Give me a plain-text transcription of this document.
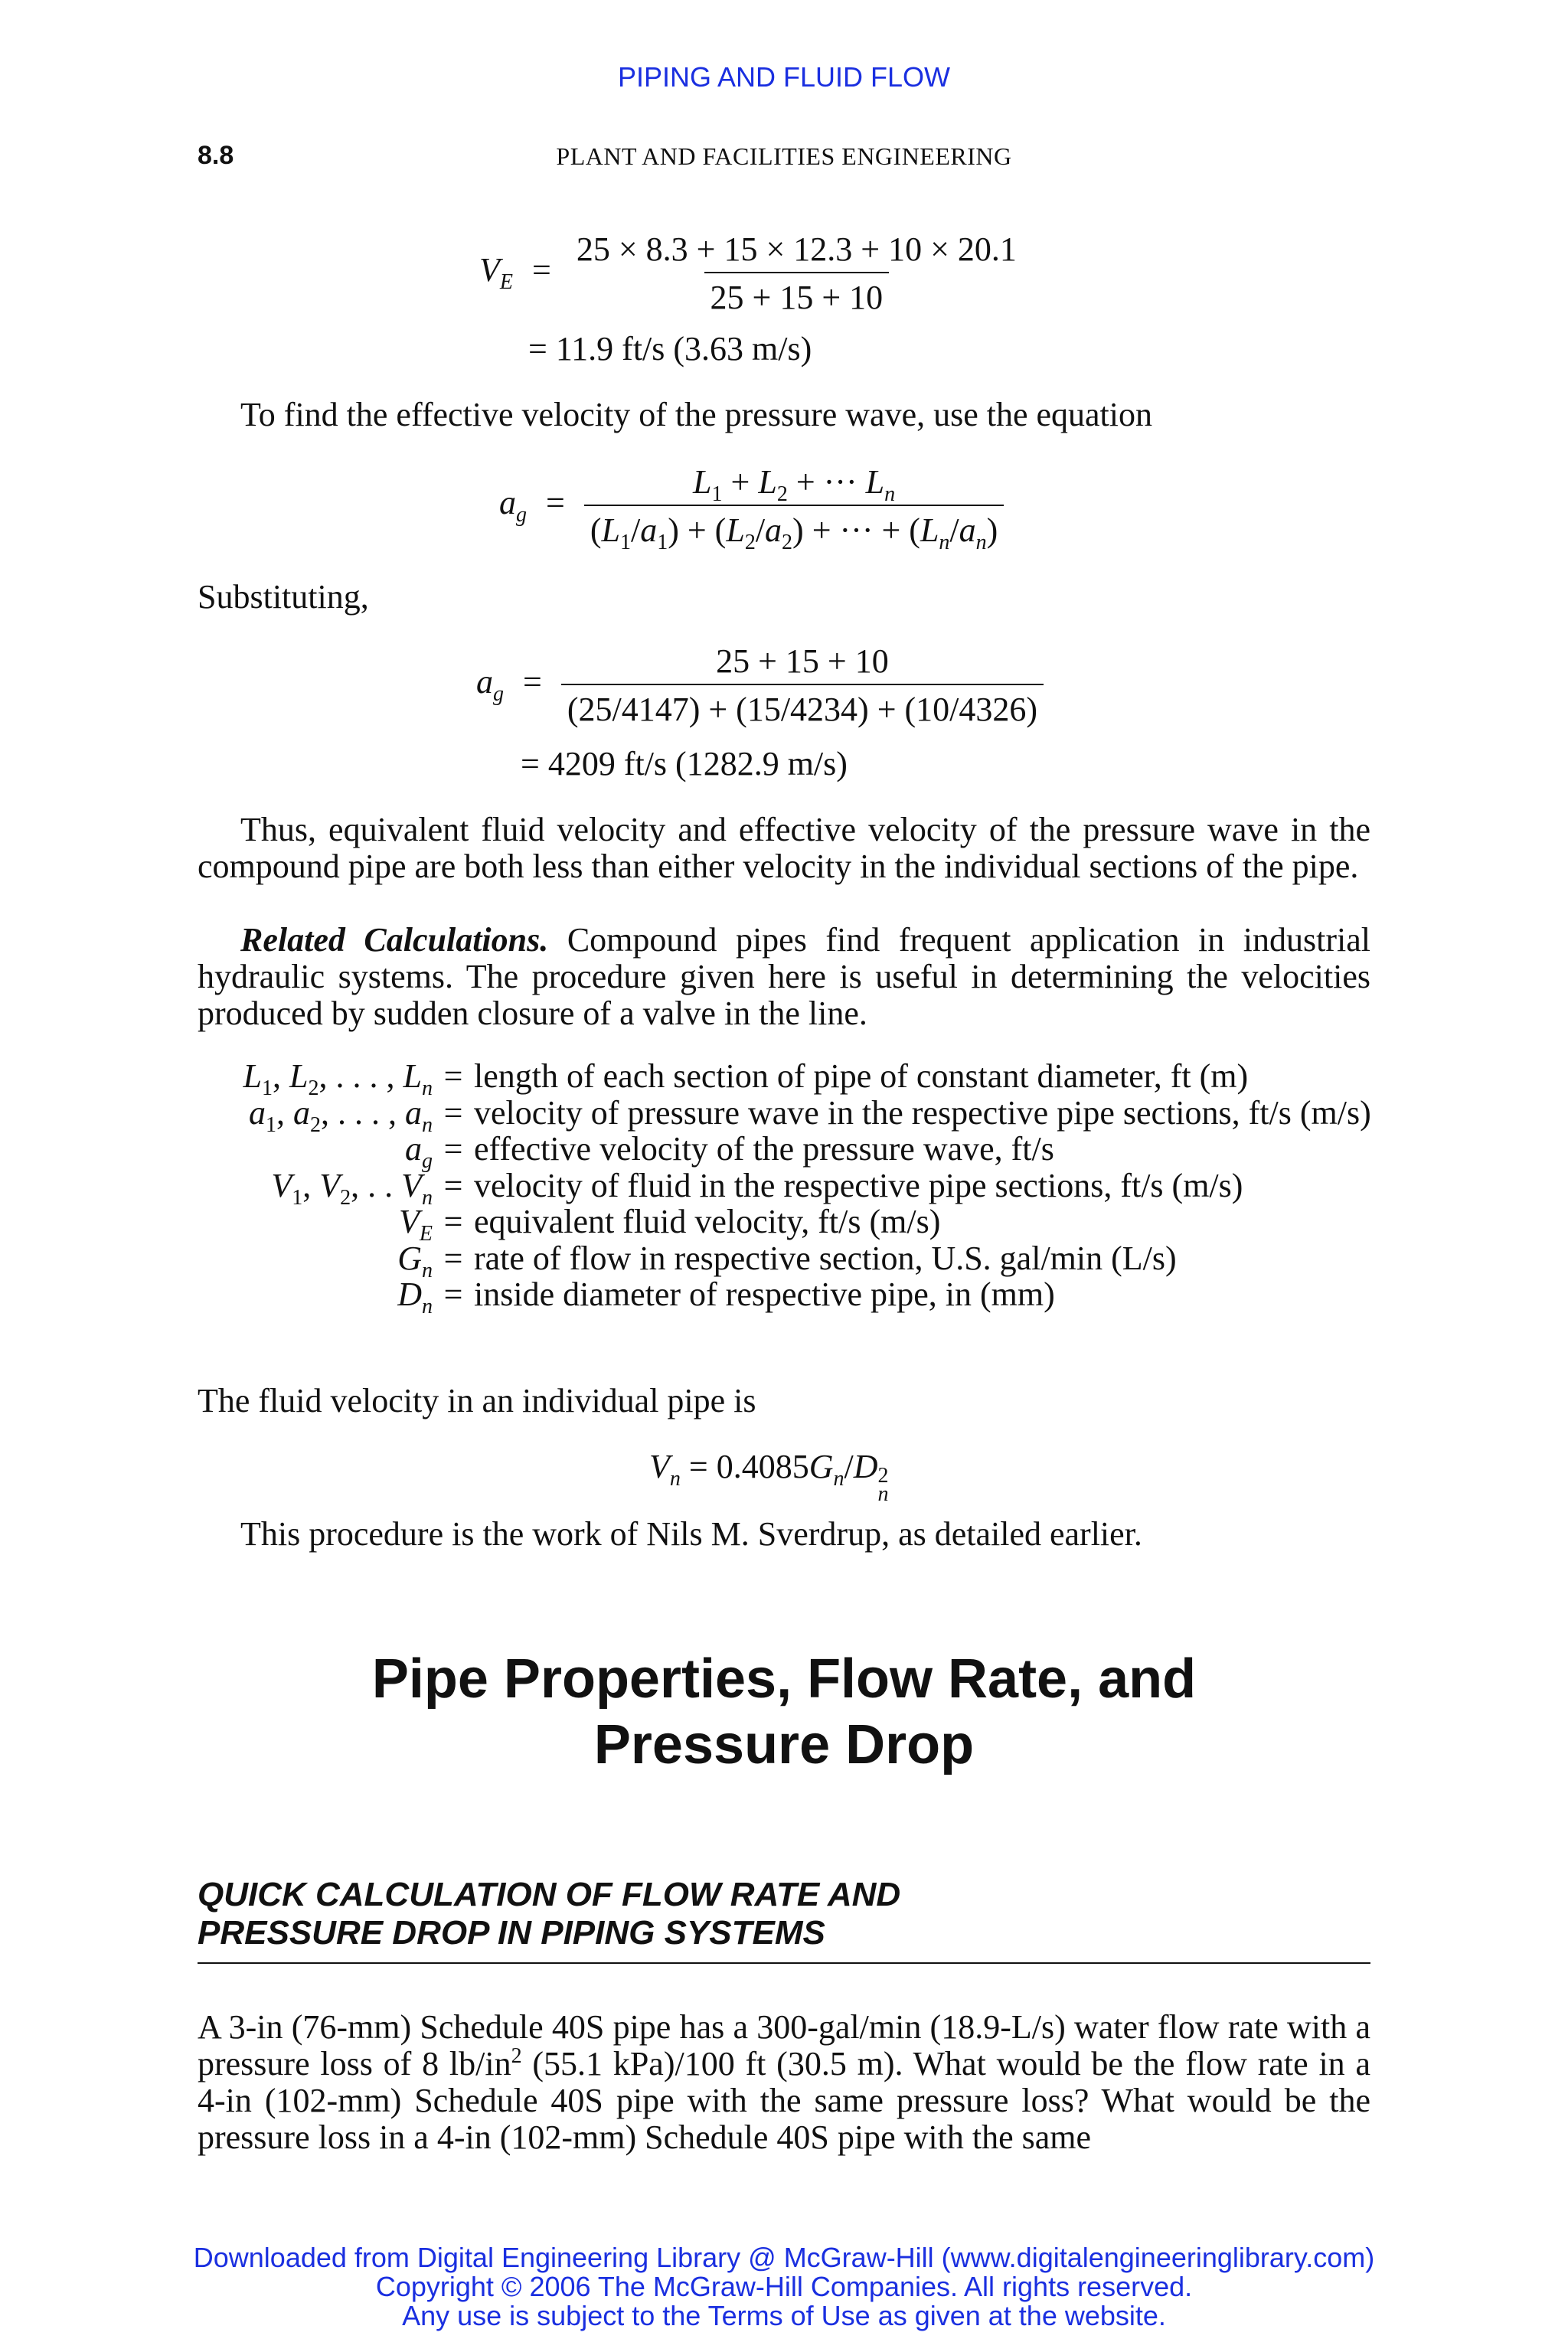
PIPING AND FLUID FLOW
8.8	PLANT AND FACILITIES ENGINEERING
$V_E = \frac{25 \times 8.3 + 15 \times 12.3 + 10 \times 20.1}{25 + 15 + 10}$
= 11.9 ft/s (3.63 m/s)
To find the effective velocity of the pressure wave, use the equation
$a_g = \frac{L_1 + L_2 + \cdot\cdot\cdot L_n}{(L_1/a_1) + (L_2/a_2) + \cdot\cdot\cdot + (L_n/a_n)}$
Substituting,
$a_g = \frac{25 + 15 + 10}{(25/4147) + (15/4234) + (10/4326)}$
= 4209 ft/s (1282.9 m/s)
Thus, equivalent fluid velocity and effective velocity of the pressure wave in the compound pipe are both less than either velocity in the individual sections of the pipe.
Related Calculations. Compound pipes find frequent application in industrial hydraulic systems. The procedure given here is useful in determining the velocities produced by sudden closure of a valve in the line.
$L_1$, $L_2$, . . . , $L_n$ = length of each section of pipe of constant diameter, ft (m)
$a_1$, $a_2$, . . . , $a_n$ = velocity of pressure wave in the respective pipe sections, ft/s (m/s)
$a_g$ = effective velocity of the pressure wave, ft/s
$V_1$, $V_2$, . . $V_n$ = velocity of fluid in the respective pipe sections, ft/s (m/s)
$V_E$ = equivalent fluid velocity, ft/s (m/s)
$G_n$ = rate of flow in respective section, U.S. gal/min (L/s)
$D_n$ = inside diameter of respective pipe, in (mm)
The fluid velocity in an individual pipe is
$V_n = 0.4085G_n/D$ 2
n
This procedure is the work of Nils M. Sverdrup, as detailed earlier.
Pipe Properties, Flow Rate, and
Pressure Drop
QUICK CALCULATION OF FLOW RATE AND
PRESSURE DROP IN PIPING SYSTEMS
A 3-in (76-mm) Schedule 40S pipe has a 300-gal/min (18.9-L/s) water flow rate with a pressure loss of 8 $lb/in^2$ (55.1 kPa)/100 ft (30.5 m). What would be the flow rate in a 4-in (102-mm) Schedule 40S pipe with the same pressure loss? What would be the pressure loss in a 4-in (102-mm) Schedule 40S pipe with the same
Downloaded from Digital Engineering Library @ McGraw-Hill (www.digitalengineeringlibrary.com)
Copyright © 2006 The McGraw-Hill Companies. All rights reserved.
Any use is subject to the Terms of Use as given at the website.
